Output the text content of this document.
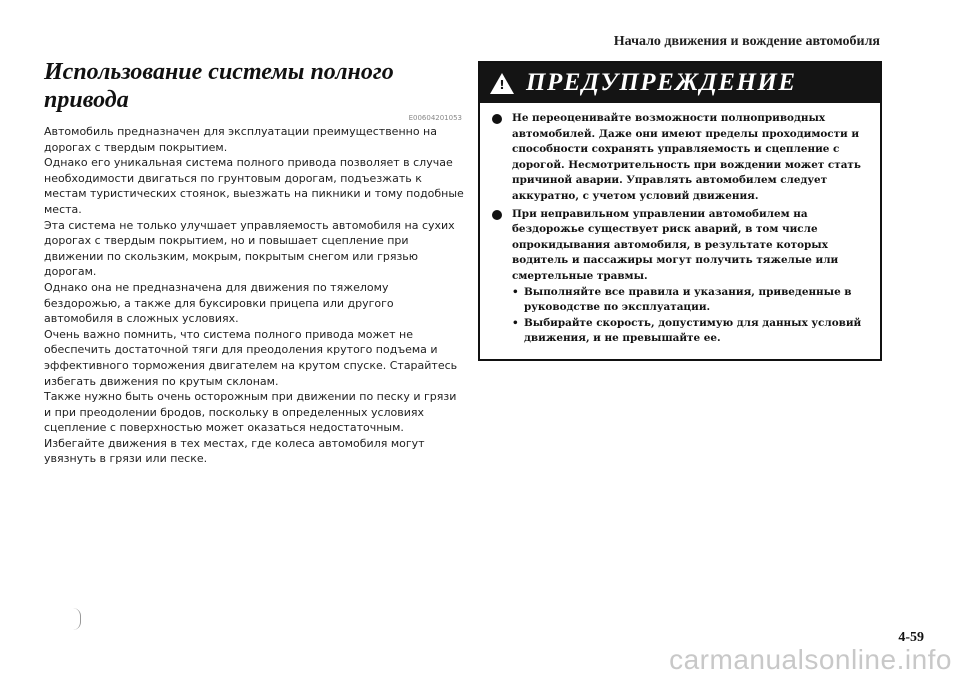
Начало движения и вождение автомобиля
Использование системы полного привода
E00604201053

Автомобиль предназначен для эксплуатации преимущественно на дорогах с твердым покрытием.

Однако его уникальная система полного привода позволяет в случае необходимости двигаться по грунтовым дорогам, подъезжать к местам туристических стоянок, выезжать на пикники и тому подобные места.

Эта система не только улучшает управляемость автомобиля на сухих дорогах с твердым покрытием, но и повышает сцепление при движении по скользким, мокрым, покрытым снегом или грязью дорогам.

Однако она не предназначена для движения по тяжелому бездорожью, а также для буксировки прицепа или другого автомобиля в сложных условиях.

Очень важно помнить, что система полного привода может не обеспечить достаточной тяги для преодоления крутого подъема и эффективного торможения двигателем на крутом спуске. Старайтесь избегать движения по крутым склонам.

Также нужно быть очень осторожным при движении по песку и грязи и при преодолении бродов, поскольку в определенных условиях сцепление с поверхностью может оказаться недостаточным.

Избегайте движения в тех местах, где колеса автомобиля могут увязнуть в грязи или песке.

! ПРЕДУПРЕЖДЕНИЕ
Не переоценивайте возможности полноприводных автомобилей. Даже они имеют пределы проходимости и способности сохранять управляемость и сцепление с дорогой. Несмотрительность при вождении может стать причиной аварии. Управлять автомобилем следует аккуратно, с учетом условий движения.
При неправильном управлении автомобилем на бездорожье существует риск аварий, в том числе опрокидывания автомобиля, в результате которых водитель и пассажиры могут получить тяжелые или смертельные травмы.
• Выполняйте все правила и указания, приведенные в руководстве по эксплуатации.
• Выбирайте скорость, допустимую для данных условий движения, и не превышайте ее.
4-59
carmanualsonline.info
